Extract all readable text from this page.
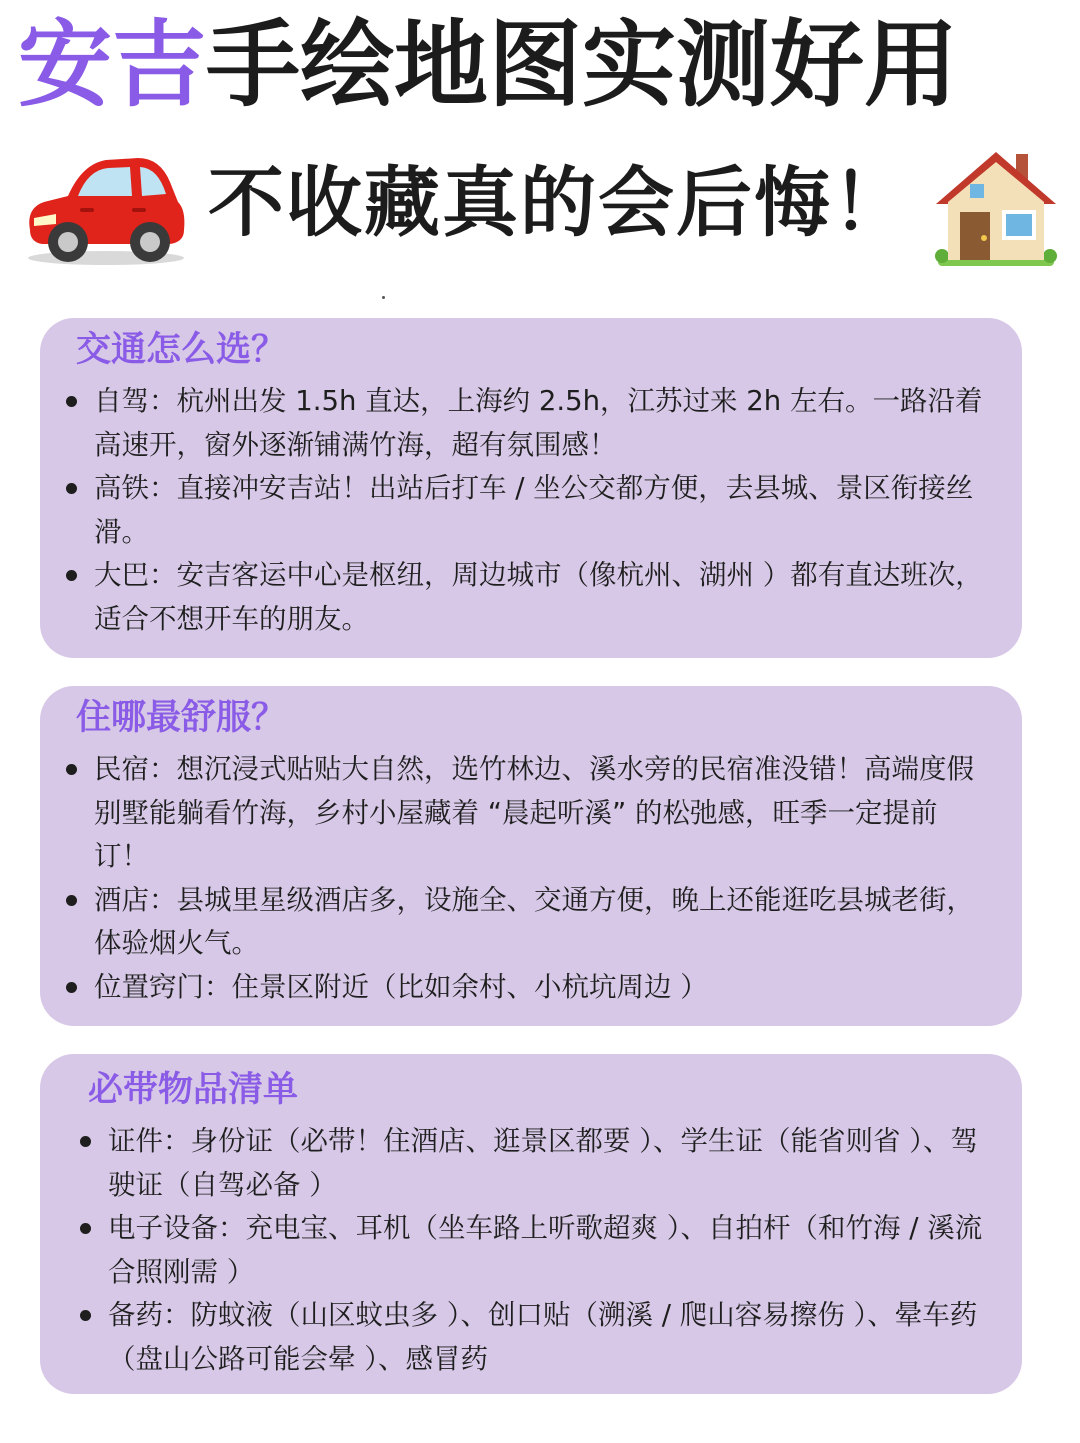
安吉手绘地图实测好用
不收藏真的会后悔！
交通怎么选？
自驾：杭州出发 1.5h 直达，上海约 2.5h，江苏过来 2h 左右。一路沿着高速开，窗外逐渐铺满竹海，超有氛围感！
高铁：直接冲安吉站！出站后打车 / 坐公交都方便，去县城、景区衔接丝滑。
大巴：安吉客运中心是枢纽，周边城市（像杭州、湖州 ）都有直达班次，适合不想开车的朋友。
住哪最舒服？
民宿：想沉浸式贴贴大自然，选竹林边、溪水旁的民宿准没错！高端度假别墅能躺看竹海，乡村小屋藏着 “晨起听溪” 的松弛感，旺季一定提前订！
酒店：县城里星级酒店多，设施全、交通方便，晚上还能逛吃县城老街，体验烟火气。
位置窍门：住景区附近（比如余村、小杭坑周边 ）
必带物品清单
证件：身份证（必带！住酒店、逛景区都要 ）、学生证（能省则省 ）、驾驶证（自驾必备 ）
电子设备：充电宝、耳机（坐车路上听歌超爽 ）、自拍杆（和竹海 / 溪流合照刚需 ）
备药：防蚊液（山区蚊虫多 ）、创口贴（溯溪 / 爬山容易擦伤 ）、晕车药（盘山公路可能会晕 ）、感冒药
